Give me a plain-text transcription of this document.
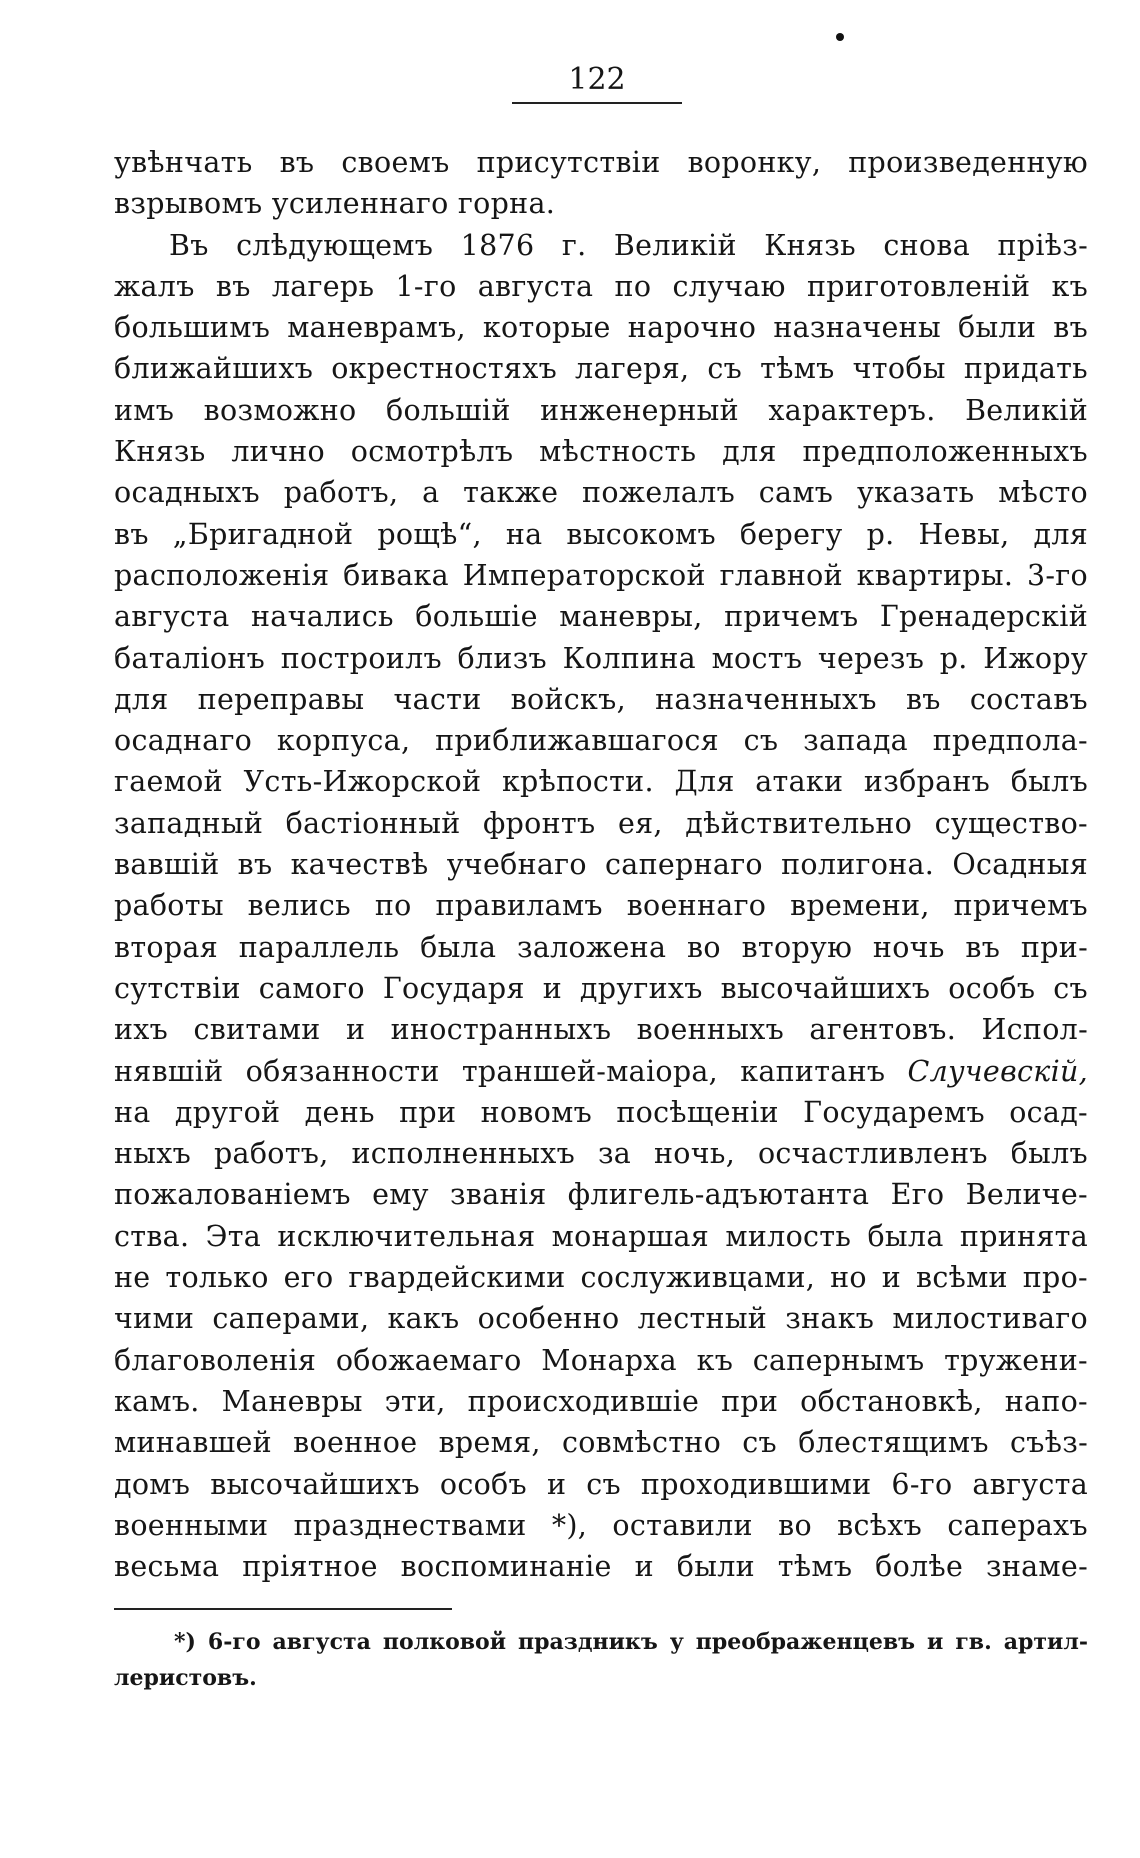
122
увѣнчать въ своемъ присутствіи воронку, произведенную
взрывомъ усиленнаго горна.
Въ слѣдующемъ 1876 г. Великій Князь снова пріѣз-
жалъ въ лагерь 1-го августа по случаю приготовленій къ
большимъ маневрамъ, которые нарочно назначены были въ
ближайшихъ окрестностяхъ лагеря, съ тѣмъ чтобы придать
имъ возможно большій инженерный характеръ. Великій
Князь лично осмотрѣлъ мѣстность для предположенныхъ
осадныхъ работъ, а также пожелалъ самъ указать мѣсто
въ „Бригадной рощѣ“, на высокомъ берегу р. Невы, для
расположенія бивака Императорской главной квартиры. 3-го
августа начались большіе маневры, причемъ Гренадерскій
баталіонъ построилъ близъ Колпина мостъ черезъ р. Ижору
для переправы части войскъ, назначенныхъ въ составъ
осаднаго корпуса, приближавшагося съ запада предпола-
гаемой Усть-Ижорской крѣпости. Для атаки избранъ былъ
западный бастіонный фронтъ ея, дѣйствительно существо-
вавшій въ качествѣ учебнаго сапернаго полигона. Осадныя
работы велись по правиламъ военнаго времени, причемъ
вторая параллель была заложена во вторую ночь въ при-
сутствіи самого Государя и другихъ высочайшихъ особъ съ
ихъ свитами и иностранныхъ военныхъ агентовъ. Испол-
нявшій обязанности траншей-маіора, капитанъ Случевскій,
на другой день при новомъ посѣщеніи Государемъ осад-
ныхъ работъ, исполненныхъ за ночь, осчастливленъ былъ
пожалованіемъ ему званія флигель-адъютанта Его Величе-
ства. Эта исключительная монаршая милость была принята
не только его гвардейскими сослуживцами, но и всѣми про-
чими саперами, какъ особенно лестный знакъ милостиваго
благоволенія обожаемаго Монарха къ сапернымъ тружени-
камъ. Маневры эти, происходившіе при обстановкѣ, напо-
минавшей военное время, совмѣстно съ блестящимъ съѣз-
домъ высочайшихъ особъ и съ проходившими 6-го августа
военными празднествами *), оставили во всѣхъ саперахъ
весьма пріятное воспоминаніе и были тѣмъ болѣе знаме-
*) 6-го августа полковой праздникъ у преображенцевъ и гв. артил-
леристовъ.
